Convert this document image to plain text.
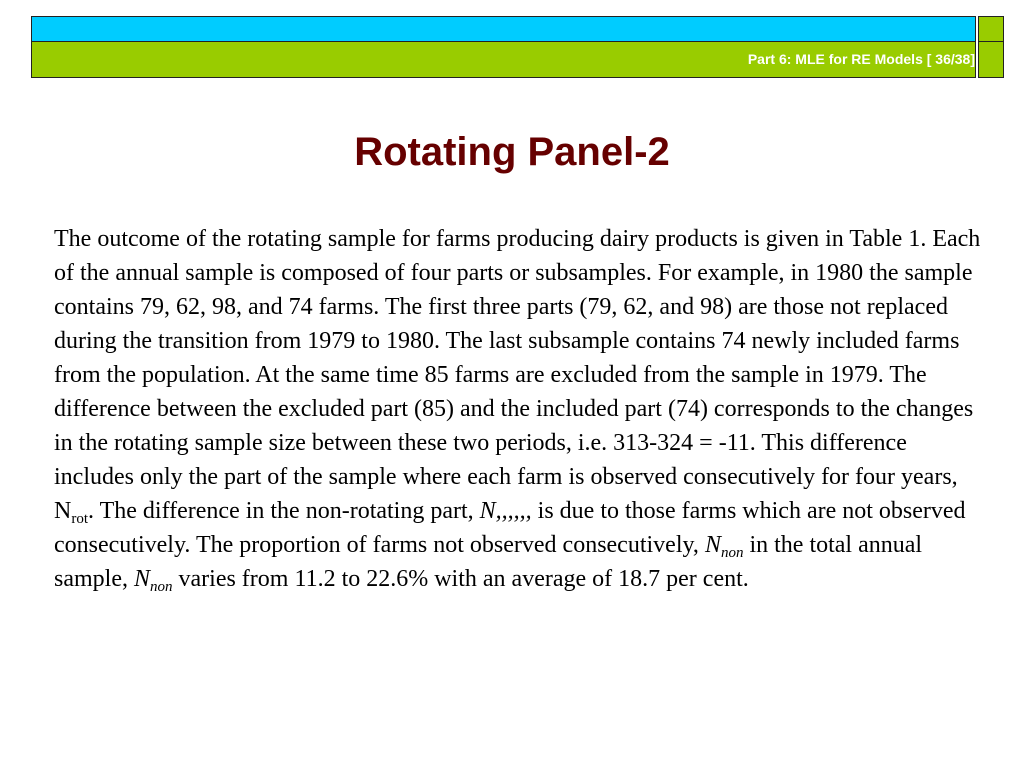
Part 6: MLE for RE Models [ 36/38]
Rotating Panel-2

The outcome of the rotating sample for farms producing dairy products is given in Table 1. Each of the annual sample is composed of four parts or subsamples. For example, in 1980 the sample contains 79, 62, 98, and 74 farms. The first three parts (79, 62, and 98) are those not replaced during the transition from 1979 to 1980. The last subsample contains 74 newly included farms from the population. At the same time 85 farms are excluded from the sample in 1979. The difference between the excluded part (85) and the included part (74) corresponds to the changes in the rotating sample size between these two periods, i.e. 313-324 = -11. This difference includes only the part of the sample where each farm is observed consecutively for four years, $N_{rot}$. The difference in the non-rotating part, N,,,,,, is due to those farms which are not observed consecutively. The proportion of farms not observed consecutively, $N_{non}$ in the total annual sample, $N_{non}$ varies from 11.2 to 22.6% with an average of 18.7 per cent.
